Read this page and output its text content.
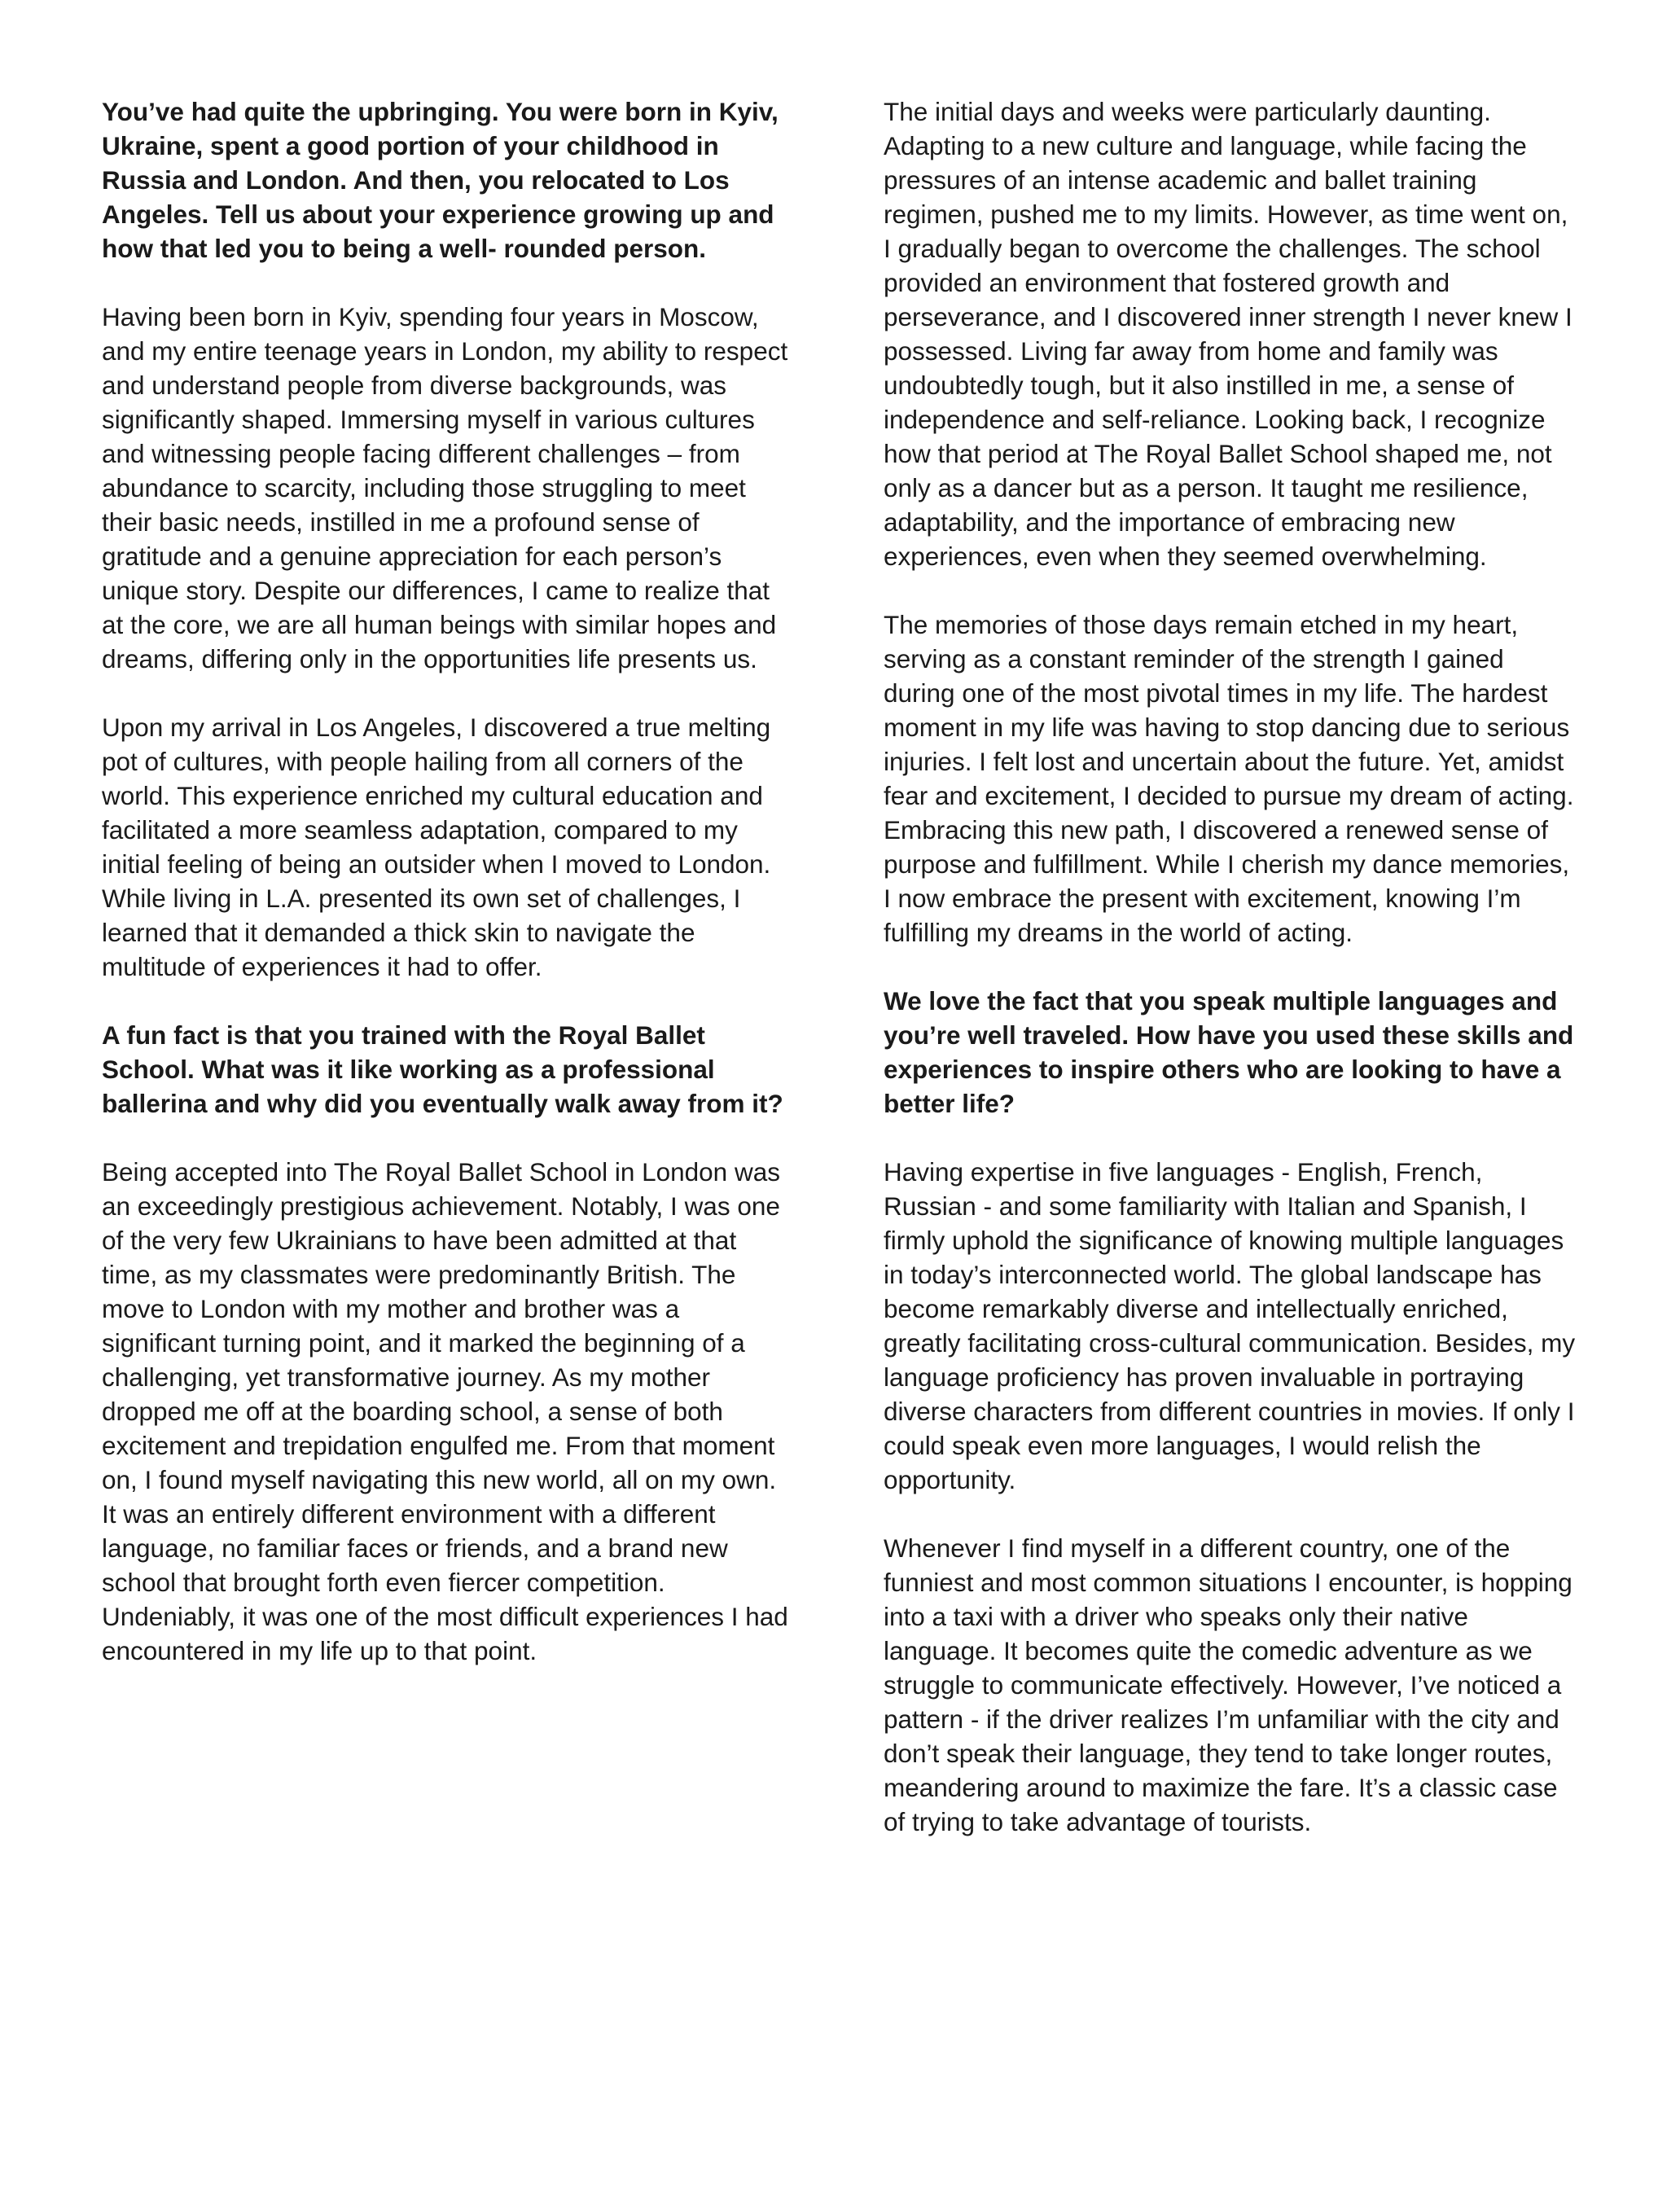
You’ve had quite the upbringing. You were born in Kyiv, Ukraine, spent a good portion of your childhood in Russia and London. And then, you relocated to Los Angeles. Tell us about your experience growing up and how that led you to being a well- rounded person.

Having been born in Kyiv, spending four years in Moscow, and my entire teenage years in London, my ability to respect and understand people from diverse backgrounds, was significantly shaped. Immersing myself in various cultures and witnessing people facing different challenges – from abundance to scarcity, including those struggling to meet their basic needs, instilled in me a profound sense of gratitude and a genuine appreciation for each person’s unique story. Despite our differences, I came to realize that at the core, we are all human beings with similar hopes and dreams, differing only in the opportunities life presents us.

Upon my arrival in Los Angeles, I discovered a true melting pot of cultures, with people hailing from all corners of the world. This experience enriched my cultural education and facilitated a more seamless adaptation, compared to my initial feeling of being an outsider when I moved to London. While living in L.A. presented its own set of challenges, I learned that it demanded a thick skin to navigate the multitude of experiences it had to offer.

A fun fact is that you trained with the Royal Ballet School. What was it like working as a professional ballerina and why did you eventually walk away from it?

Being accepted into The Royal Ballet School in London was an exceedingly prestigious achievement. Notably, I was one of the very few Ukrainians to have been admitted at that time, as my classmates were predominantly British. The move to London with my mother and brother was a significant turning point, and it marked the beginning of a challenging, yet transformative journey. As my mother dropped me off at the boarding school, a sense of both excitement and trepidation engulfed me. From that moment on, I found myself navigating this new world, all on my own. It was an entirely different environment with a different language, no familiar faces or friends, and a brand new school that brought forth even fiercer competition. Undeniably, it was one of the most difficult experiences I had encountered in my life up to that point.

The initial days and weeks were particularly daunting. Adapting to a new culture and language, while facing the pressures of an intense academic and ballet training regimen, pushed me to my limits. However, as time went on, I gradually began to overcome the challenges. The school provided an environment that fostered growth and perseverance, and I discovered inner strength I never knew I possessed. Living far away from home and family was undoubtedly tough, but it also instilled in me, a sense of independence and self-reliance. Looking back, I recognize how that period at The Royal Ballet School shaped me, not only as a dancer but as a person. It taught me resilience, adaptability, and the importance of embracing new experiences, even when they seemed overwhelming.

The memories of those days remain etched in my heart, serving as a constant reminder of the strength I gained during one of the most pivotal times in my life. The hardest moment in my life was having to stop dancing due to serious injuries. I felt lost and uncertain about the future. Yet, amidst fear and excitement, I decided to pursue my dream of acting. Embracing this new path, I discovered a renewed sense of purpose and fulfillment. While I cherish my dance memories, I now embrace the present with excitement, knowing I’m fulfilling my dreams in the world of acting.

We love the fact that you speak multiple languages and you’re well traveled. How have you used these skills and experiences to inspire others who are looking to have a better life?

Having expertise in five languages - English, French, Russian - and some familiarity with Italian and Spanish, I firmly uphold the significance of knowing multiple languages in today’s interconnected world. The global landscape has become remarkably diverse and intellectually enriched, greatly facilitating cross-cultural communication. Besides, my language proficiency has proven invaluable in portraying diverse characters from different countries in movies. If only I could speak even more languages, I would relish the opportunity.

Whenever I find myself in a different country, one of the funniest and most common situations I encounter, is hopping into a taxi with a driver who speaks only their native language. It becomes quite the comedic adventure as we struggle to communicate effectively. However, I’ve noticed a pattern - if the driver realizes I’m unfamiliar with the city and don’t speak their language, they tend to take longer routes, meandering around to maximize the fare. It’s a classic case of trying to take advantage of tourists.
